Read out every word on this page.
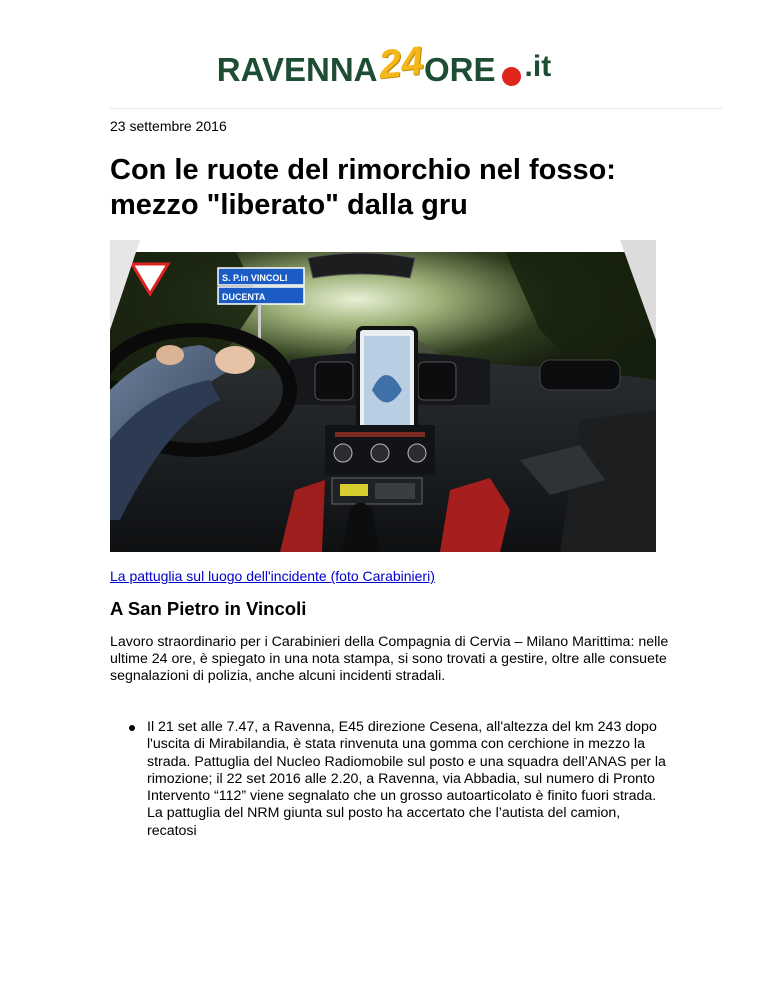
RAVENNA
24
ORE .it
23 settembre 2016
Con le ruote del rimorchio nel fosso: mezzo "liberato" dalla gru
S. P.in VINCOLI
DUCENTA
La pattuglia sul luogo dell'incidente (foto Carabinieri)
A San Pietro in Vincoli

Lavoro straordinario per i Carabinieri della Compagnia di Cervia – Milano Marittima: nelle ultime 24 ore, è spiegato in una nota stampa, si sono trovati a gestire, oltre alle consuete segnalazioni di polizia, anche alcuni incidenti stradali.

Il 21 set alle 7.47, a Ravenna, E45 direzione Cesena, all'altezza del km 243 dopo l'uscita di Mirabilandia, è stata rinvenuta una gomma con cerchione in mezzo la strada. Pattuglia del Nucleo Radiomobile sul posto e una squadra dell’ANAS per la rimozione; il 22 set 2016 alle 2.20, a Ravenna, via Abbadia, sul numero di Pronto Intervento “112” viene segnalato che un grosso autoarticolato è finito fuori strada. La pattuglia del NRM giunta sul posto ha accertato che l’autista del camion, recatosi
